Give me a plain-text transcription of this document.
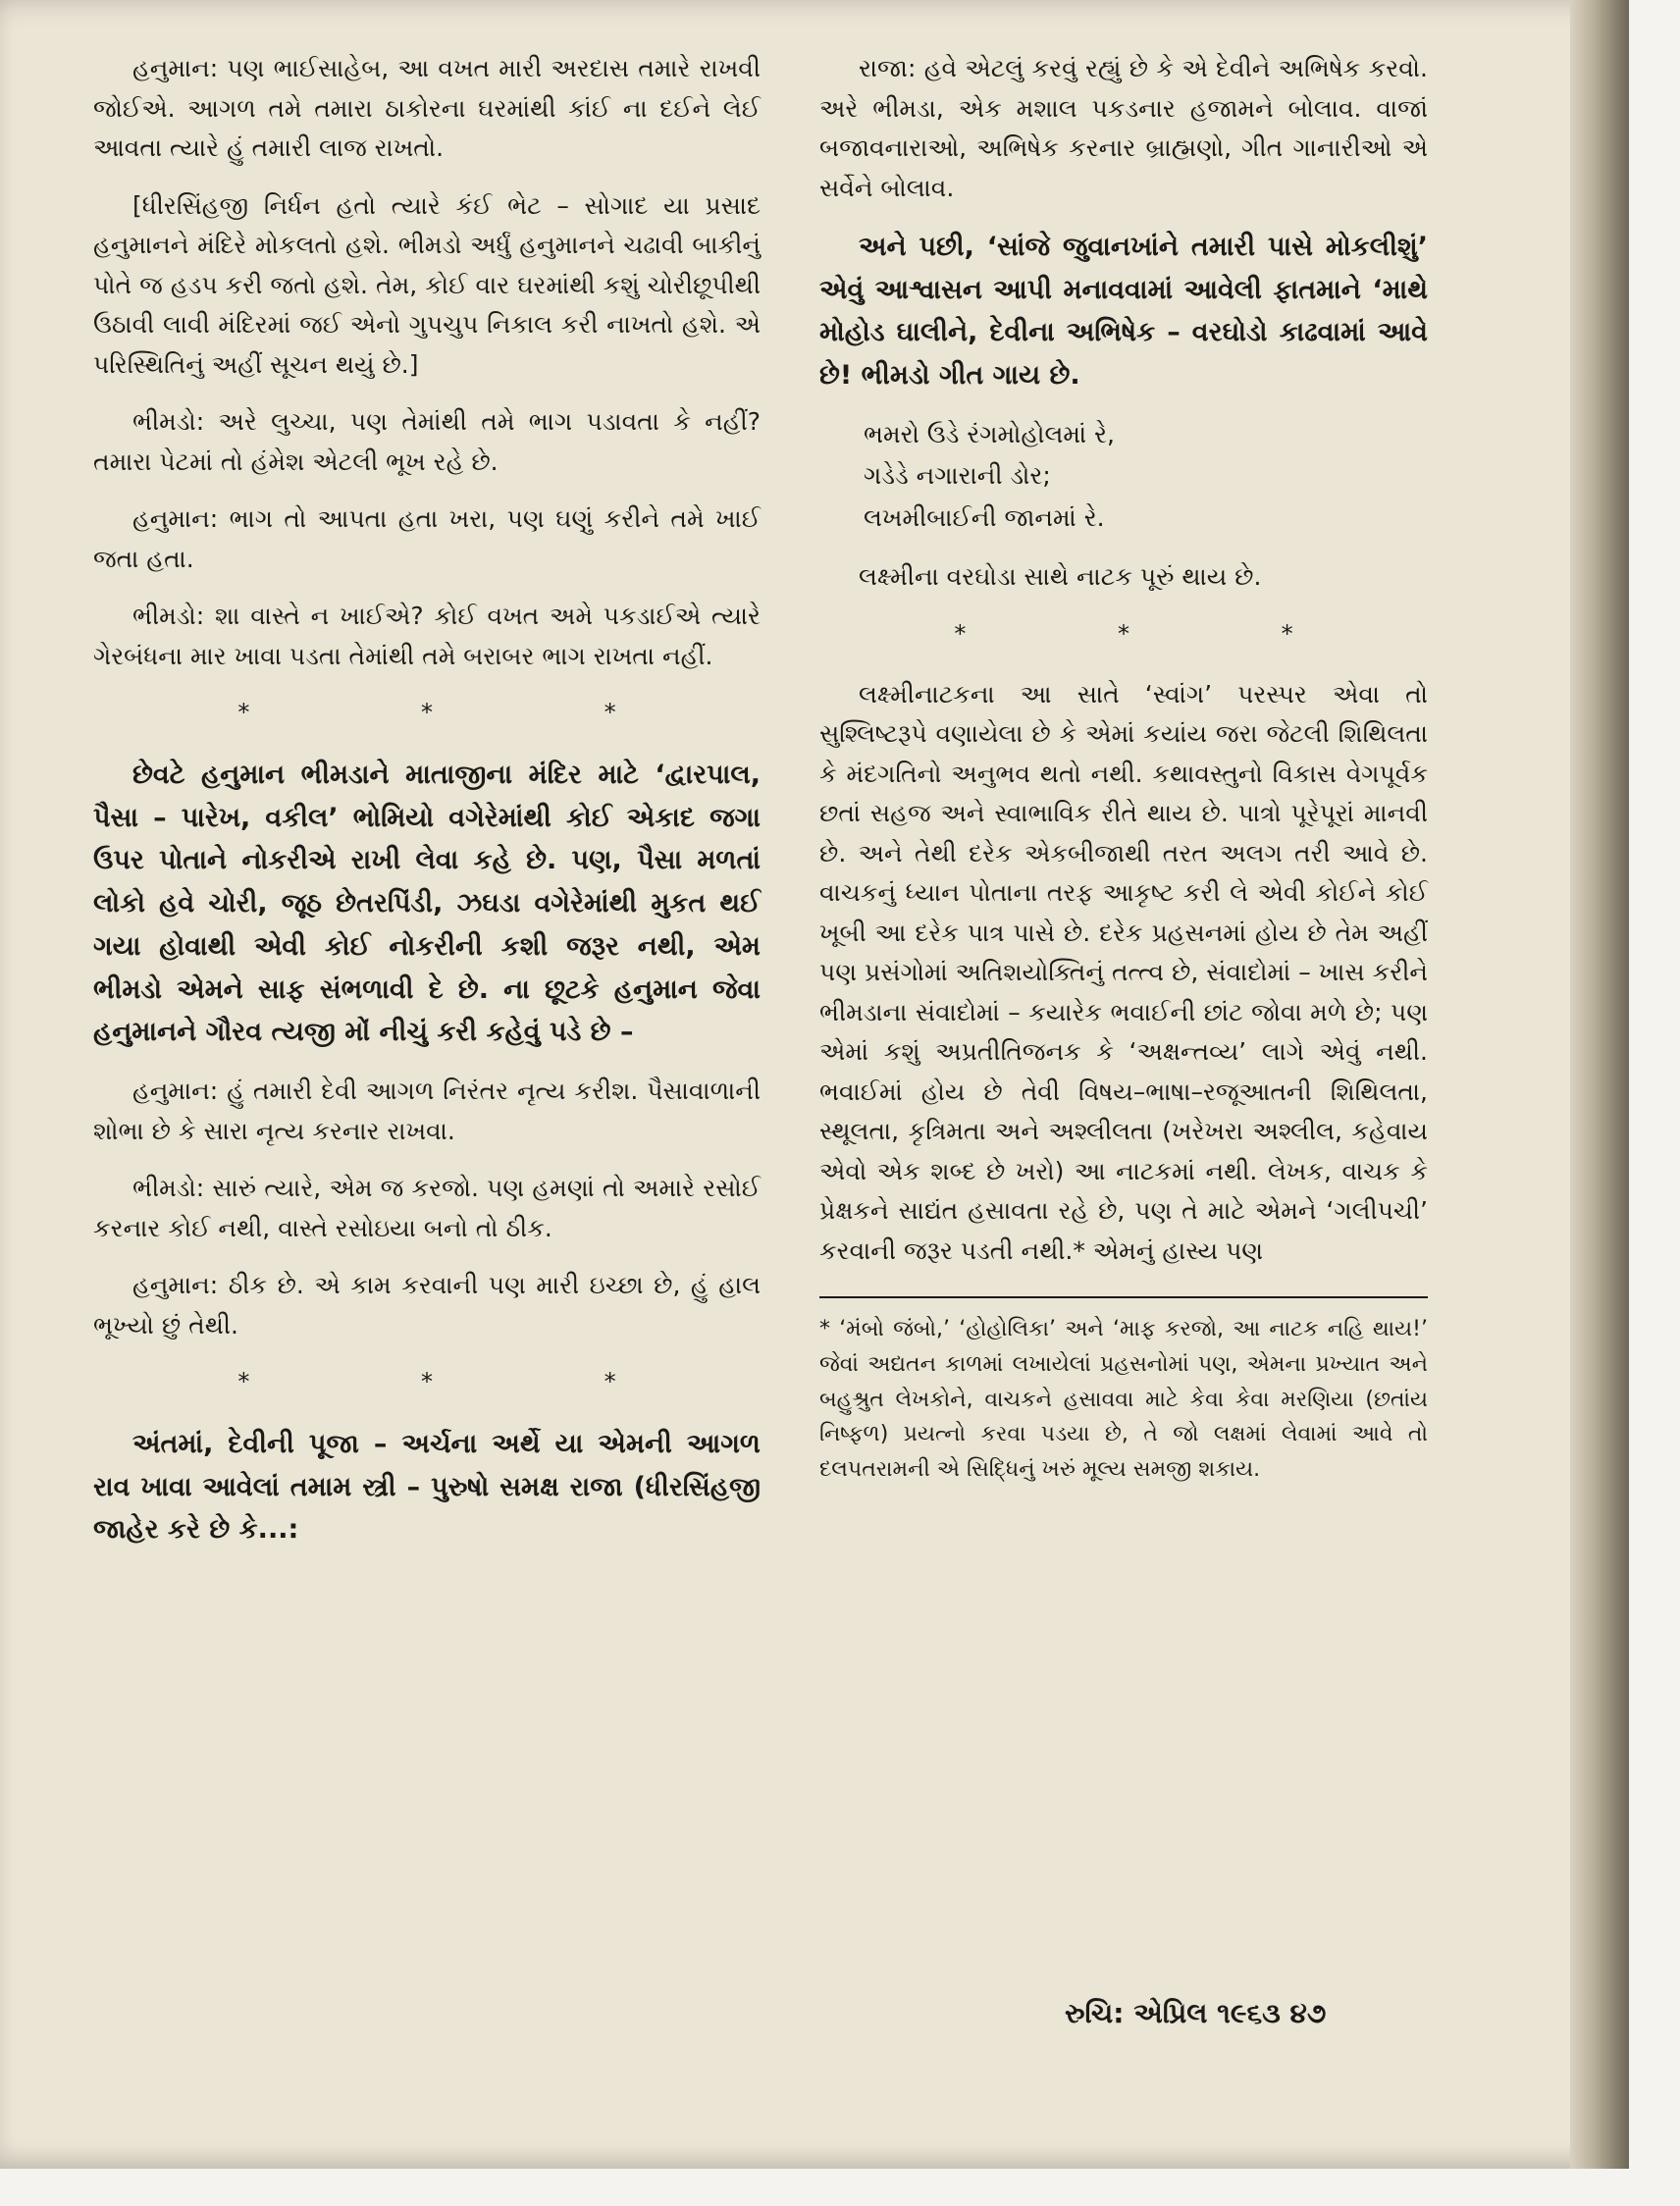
હનુમાન: પણ ભાઈસાહેબ, આ વખત મારી અરદાસ તમારે રાખવી જોઈએ. આગળ તમે તમારા ઠાકોરના ઘરમાંથી કાંઈ ના દઈને લેઈ આવતા ત્યારે હું તમારી લાજ રાખતો.

[ધીરસિંહજી નિર્ધન હતો ત્યારે કંઈ ભેટ – સોગાદ યા પ્રસાદ હનુમાનને મંદિરે મોકલતો હશે. ભીમડો અર્ધું હનુમાનને ચઢાવી બાકીનું પોતે જ હડપ કરી જતો હશે. તેમ, કોઈ વાર ઘરમાંથી કશું ચોરીછૂપીથી ઉઠાવી લાવી મંદિરમાં જઈ એનો ગુપચુપ નિકાલ કરી નાખતો હશે. એ પરિસ્થિતિનું અહીં સૂચન થયું છે.]

ભીમડો: અરે લુચ્ચા, પણ તેમાંથી તમે ભાગ પડાવતા કે નહીં? તમારા પેટમાં તો હંમેશ એટલી ભૂખ રહે છે.

હનુમાન: ભાગ તો આપતા હતા ખરા, પણ ઘણું કરીને તમે ખાઈ જતા હતા.

ભીમડો: શા વાસ્તે ન ખાઈએ? કોઈ વખત અમે પકડાઈએ ત્યારે ગેરબંધના માર ખાવા પડતા તેમાંથી તમે બરાબર ભાગ રાખતા નહીં.

*	*	*

છેવટે હનુમાન ભીમડાને માતાજીના મંદિર માટે ‘દ્વારપાલ, પૈસા – પારેખ, વકીલ’ ભોમિયો વગેરેમાંથી કોઈ એકાદ જગા ઉપર પોતાને નોકરીએ રાખી લેવા કહે છે. પણ, પૈસા મળતાં લોકો હવે ચોરી, જૂઠ છેતરપિંડી, ઝઘડા વગેરેમાંથી મુકત થઈ ગયા હોવાથી એવી કોઈ નોકરીની કશી જરૂર નથી, એમ ભીમડો એમને સાફ સંભળાવી દે છે. ના છૂટકે હનુમાન જેવા હનુમાનને ગૌરવ ત્યજી મોં નીચું કરી કહેવું પડે છે –

હનુમાન: હું તમારી દેવી આગળ નિરંતર નૃત્ય કરીશ. પૈસાવાળાની શોભા છે કે સારા નૃત્ય કરનાર રાખવા.

ભીમડો: સારું ત્યારે, એમ જ કરજો. પણ હમણાં તો અમારે રસોઈ કરનાર કોઈ નથી, વાસ્તે રસોઇયા બનો તો ઠીક.

હનુમાન: ઠીક છે. એ કામ કરવાની પણ મારી ઇચ્છા છે, હું હાલ ભૂખ્યો છું તેથી.

*	*	*

અંતમાં, દેવીની પૂજા – અર્ચના અર્થે યા એમની આગળ રાવ ખાવા આવેલાં તમામ સ્ત્રી – પુરુષો સમક્ષ રાજા (ધીરસિંહજી જાહેર કરે છે કે...:

રાજા: હવે એટલું કરવું રહ્યું છે કે એ દેવીને અભિષેક કરવો. અરે ભીમડા, એક મશાલ પકડનાર હજામને બોલાવ. વાજાં બજાવનારાઓ, અભિષેક કરનાર બ્રાહ્મણો, ગીત ગાનારીઓ એ સર્વેને બોલાવ.

અને પછી, ‘સાંજે જુવાનખાંને તમારી પાસે મોકલીશું’ એવું આશ્વાસન આપી મનાવવામાં આવેલી ફાતમાને ‘માથે મોહોડ ઘાલીને, દેવીના અભિષેક – વરઘોડો કાઢવામાં આવે છે! ભીમડો ગીત ગાય છે.

ભમરો ઉડે રંગમોહોલમાં રે,
ગડેડે નગારાની ડોર;
લખમીબાઈની જાનમાં રે.

લક્ષ્મીના વરઘોડા સાથે નાટક પૂરું થાય છે.

*	*	*

લક્ષ્મીનાટકના આ સાતે ‘સ્વાંગ’ પરસ્પર એવા તો સુશ્લિષ્ટરૂપે વણાયેલા છે કે એમાં કયાંય જરા જેટલી શિથિલતા કે મંદગતિનો અનુભવ થતો નથી. કથાવસ્તુનો વિકાસ વેગપૂર્વક છતાં સહજ અને સ્વાભાવિક રીતે થાય છે. પાત્રો પૂરેપૂરાં માનવી છે. અને તેથી દરેક એકબીજાથી તરત અલગ તરી આવે છે. વાચકનું ધ્યાન પોતાના તરફ આકૃષ્ટ કરી લે એવી કોઈને કોઈ ખૂબી આ દરેક પાત્ર પાસે છે. દરેક પ્રહસનમાં હોય છે તેમ અહીં પણ પ્રસંગોમાં અતિશયોક્તિનું તત્ત્વ છે, સંવાદોમાં – ખાસ કરીને ભીમડાના સંવાદોમાં – કયારેક ભવાઈની છાંટ જોવા મળે છે; પણ એમાં કશું અપ્રતીતિજનક કે ‘અક્ષન્તવ્ય’ લાગે એવું નથી. ભવાઈમાં હોય છે તેવી વિષય–ભાષા–રજૂઆતની શિથિલતા, સ્થૂલતા, કૃત્રિમતા અને અશ્લીલતા (ખરેખરા અશ્લીલ, કહેવાય એવો એક શબ્દ છે ખરો) આ નાટકમાં નથી. લેખક, વાચક કે પ્રેક્ષકને સાદ્યંત હસાવતા રહે છે, પણ તે માટે એમને ‘ગલીપચી’ કરવાની જરૂર પડતી નથી.* એમનું હાસ્ય પણ

* ‘મંબો જંબો,’ ‘હોહોલિકા’ અને ‘માફ કરજો, આ નાટક નહિ થાય!’ જેવાં અદ્યતન કાળમાં લખાયેલાં પ્રહસનોમાં પણ, એમના પ્રખ્યાત અને બહુશ્રુત લેખકોને, વાચકને હસાવવા માટે કેવા કેવા મરણિયા (છતાંય નિષ્ફળ) પ્રયત્નો કરવા પડયા છે, તે જો લક્ષમાં લેવામાં આવે તો દલપતરામની એ સિદ્ધિનું ખરું મૂલ્ય સમજી શકાય.

રુચિ: એપ્રિલ ૧૯૬૩ ૪૭
